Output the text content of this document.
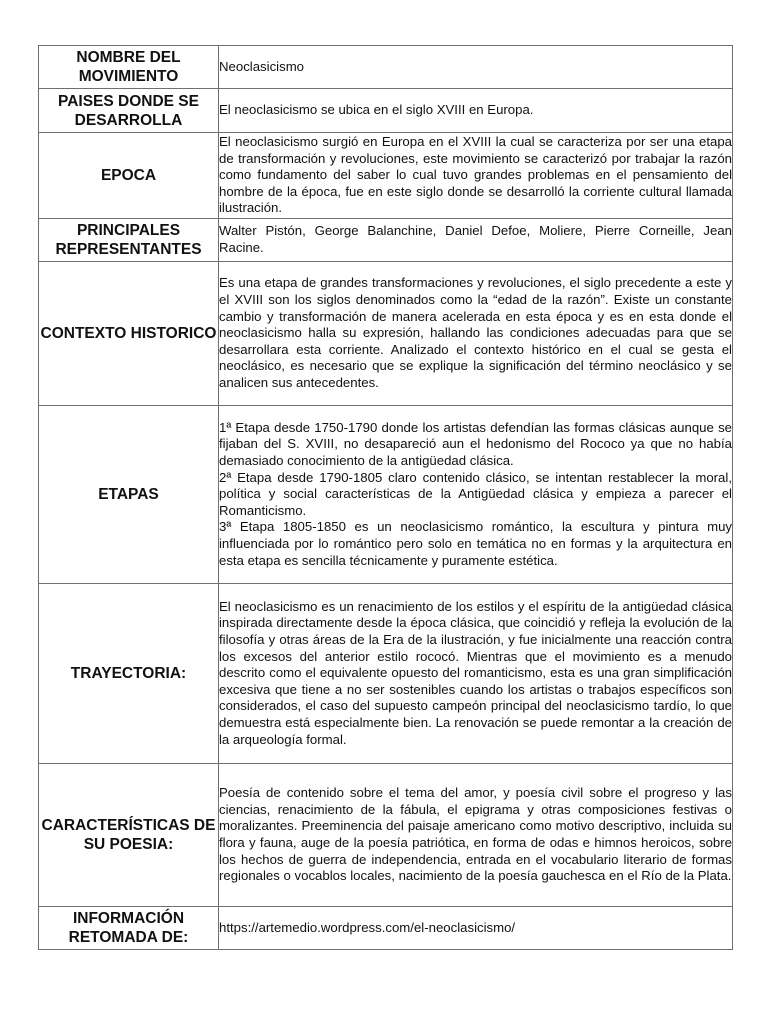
NOMBRE DEL MOVIMIENTO	Neoclasicismo
PAISES DONDE SE DESARROLLA	El neoclasicismo se ubica en el siglo XVIII en Europa.
EPOCA	El neoclasicismo surgió en Europa en el XVIII la cual se caracteriza por ser una etapa de transformación y revoluciones, este movimiento se caracterizó por trabajar la razón como fundamento del saber lo cual tuvo grandes problemas en el pensamiento del hombre de la época, fue en este siglo donde se desarrolló la corriente cultural llamada ilustración.
PRINCIPALES REPRESENTANTES	Walter Pistón, George Balanchine, Daniel Defoe, Moliere, Pierre Corneille, Jean Racine.
CONTEXTO HISTORICO	Es una etapa de grandes transformaciones y revoluciones, el siglo precedente a este y el XVIII son los siglos denominados como la “edad de la razón”. Existe un constante cambio y transformación de manera acelerada en esta época y es en esta donde el neoclasicismo halla su expresión, hallando las condiciones adecuadas para que se desarrollara esta corriente. Analizado el contexto histórico en el cual se gesta el neoclásico, es necesario que se explique la significación del término neoclásico y se analicen sus antecedentes.
ETAPAS	1ª Etapa desde 1750-1790 donde los artistas defendían las formas clásicas aunque se fijaban del S. XVIII, no desapareció aun el hedonismo del Rococo ya que no había demasiado conocimiento de la antigüedad clásica.
2ª Etapa desde 1790-1805 claro contenido clásico, se intentan restablecer la moral, política y social características de la Antigüedad clásica y empieza a parecer el Romanticismo.
3ª Etapa 1805-1850 es un neoclasicismo romántico, la escultura y pintura muy influenciada por lo romántico pero solo en temática no en formas y la arquitectura en esta etapa es sencilla técnicamente y puramente estética.

TRAYECTORIA:	El neoclasicismo es un renacimiento de los estilos y el espíritu de la antigüedad clásica inspirada directamente desde la época clásica, que coincidió y refleja la evolución de la filosofía y otras áreas de la Era de la ilustración, y fue inicialmente una reacción contra los excesos del anterior estilo rococó. Mientras que el movimiento es a menudo descrito como el equivalente opuesto del romanticismo, esta es una gran simplificación excesiva que tiene a no ser sostenibles cuando los artistas o trabajos específicos son considerados, el caso del supuesto campeón principal del neoclasicismo tardío, lo que demuestra está especialmente bien. La renovación se puede remontar a la creación de la arqueología formal.
CARACTERÍSTICAS DE SU POESIA:	Poesía de contenido sobre el tema del amor, y poesía civil sobre el progreso y las ciencias, renacimiento de la fábula, el epigrama y otras composiciones festivas o moralizantes. Preeminencia del paisaje americano como motivo descriptivo, incluida su flora y fauna, auge de la poesía patriótica, en forma de odas e himnos heroicos, sobre los hechos de guerra de independencia, entrada en el vocabulario literario de formas regionales o vocablos locales, nacimiento de la poesía gauchesca en el Río de la Plata.
INFORMACIÓN RETOMADA DE:	https://artemedio.wordpress.com/el-neoclasicismo/
